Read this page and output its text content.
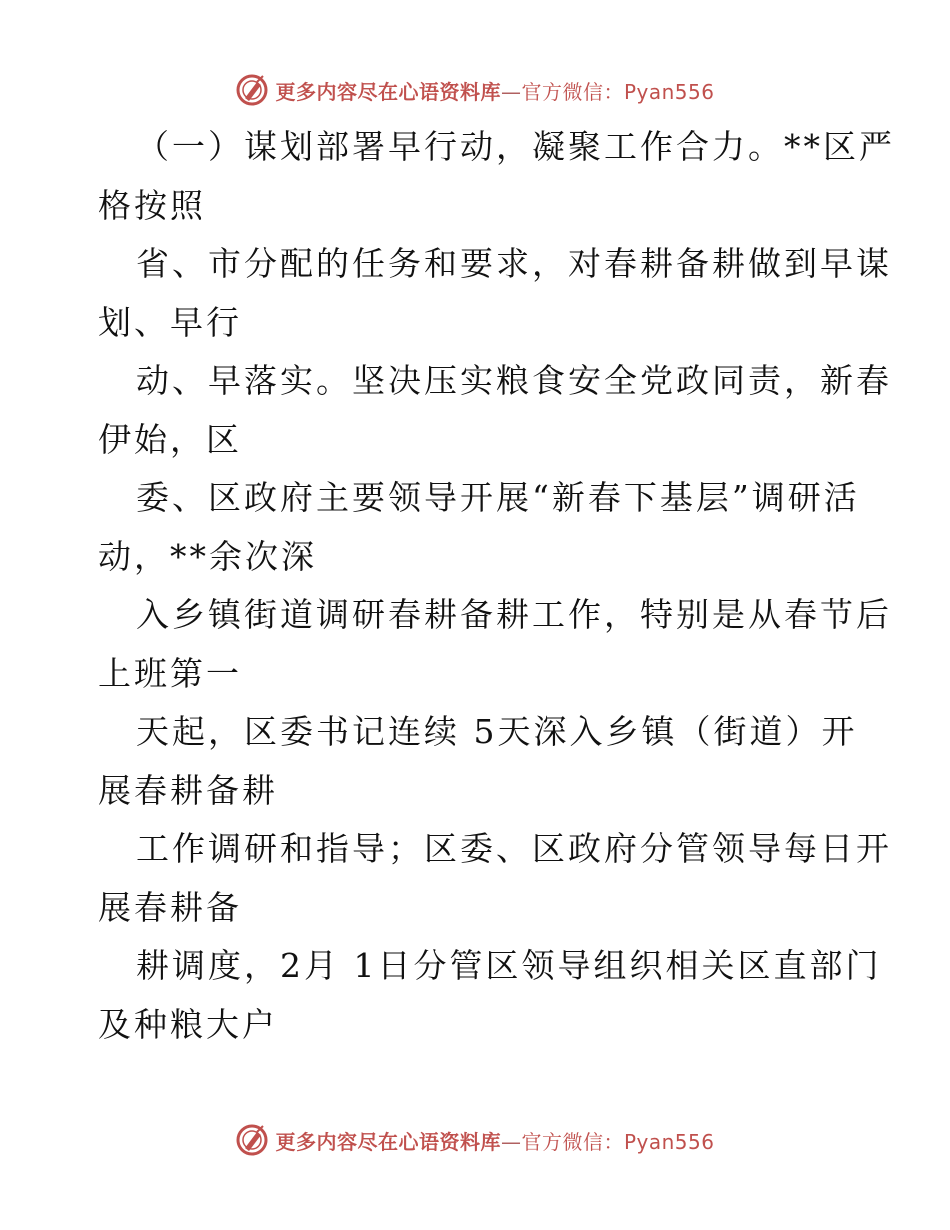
更多内容尽在心语资料库—官方微信：Pyan556
（一）谋划部署早行动，凝聚工作合力。**区严
格按照
省、市分配的任务和要求，对春耕备耕做到早谋
划、早行
动、早落实。坚决压实粮食安全党政同责，新春
伊始，区
委、区政府主要领导开展“新春下基层”调研活
动，**余次深
入乡镇街道调研春耕备耕工作，特别是从春节后
上班第一
天起，区委书记连续 5天深入乡镇（街道）开
展春耕备耕
工作调研和指导；区委、区政府分管领导每日开
展春耕备
耕调度，2月 1日分管区领导组织相关区直部门
及种粮大户
更多内容尽在心语资料库—官方微信：Pyan556
